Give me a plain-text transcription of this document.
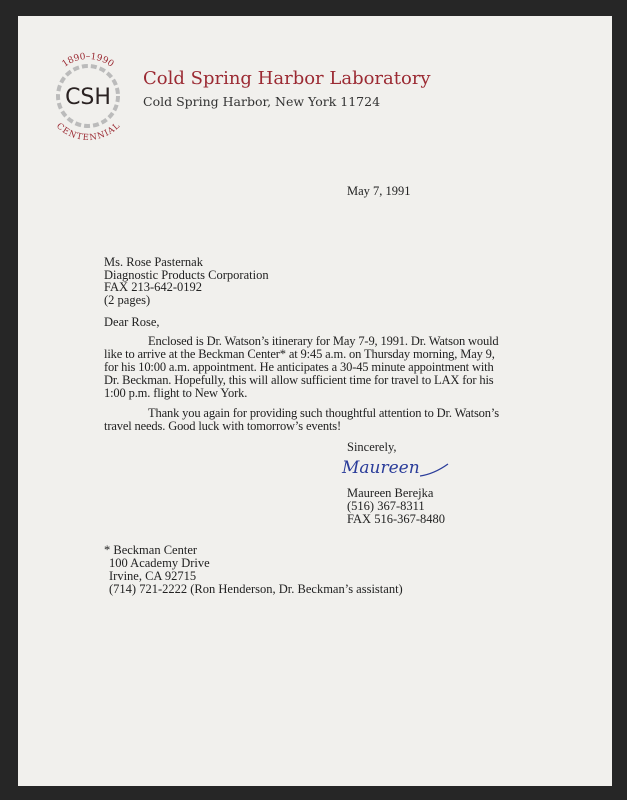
1890–1990
CENTENNIAL
CSH
Cold Spring Harbor Laboratory
Cold Spring Harbor, New York 11724
May 7, 1991
Ms. Rose Pasternak
Diagnostic Products Corporation
FAX 213-642-0192
(2 pages)
Dear Rose,
Enclosed is Dr. Watson’s itinerary for May 7-9, 1991. Dr. Watson would
like to arrive at the Beckman Center* at 9:45 a.m. on Thursday morning, May 9,
for his 10:00 a.m. appointment. He anticipates a 30-45 minute appointment with
Dr. Beckman. Hopefully, this will allow sufficient time for travel to LAX for his
1:00 p.m. flight to New York.
Thank you again for providing such thoughtful attention to Dr. Watson’s
travel needs. Good luck with tomorrow’s events!
Sincerely,
Maureen
Maureen Berejka
(516) 367-8311
FAX 516-367-8480
* Beckman Center
100 Academy Drive
Irvine, CA 92715
(714) 721-2222 (Ron Henderson, Dr. Beckman’s assistant)
